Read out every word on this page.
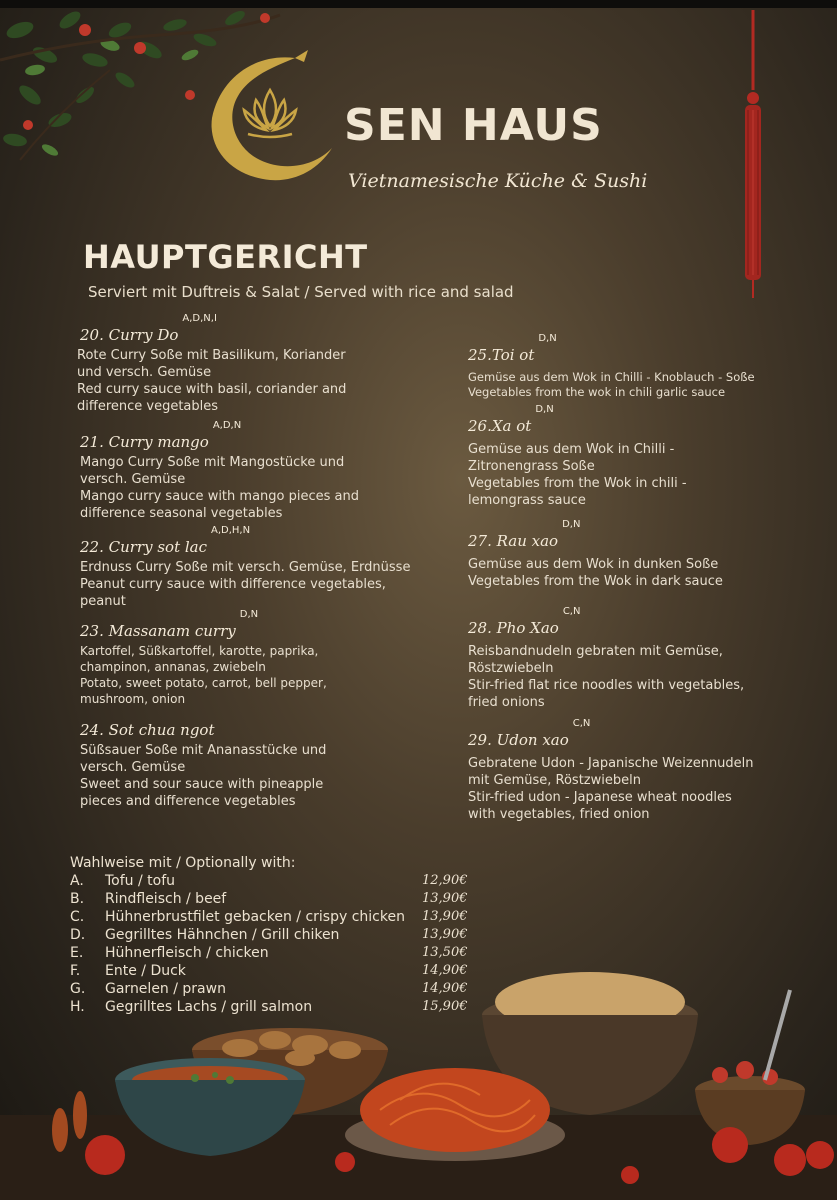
SEN HAUS
Vietnamesische Küche & Sushi
HAUPTGERICHT
Serviert mit Duftreis & Salat / Served with rice and salad
20. Curry $Do^{A,D,N,I}$
Rote Curry Soße mit Basilikum, Koriander
und versch. Gemüse
Red curry sauce with basil, coriander and
difference vegetables
21. Curry mango$^{A,D,N}$
Mango Curry Soße mit Mangostücke und
versch. Gemüse
Mango curry sauce with mango pieces and
difference seasonal vegetables
22. Curry sot lac$^{A,D,H,N}$
Erdnuss Curry Soße mit versch. Gemüse, Erdnüsse
Peanut curry sauce with difference vegetables,
peanut
23. Massanam curry$^{D,N}$
Kartoffel, Süßkartoffel, karotte, paprika,
champinon, annanas, zwiebeln
Potato, sweet potato, carrot, bell pepper,
mushroom, onion
24. Sot chua ngot
Süßsauer Soße mit Ananasstücke und
versch. Gemüse
Sweet and sour sauce with pineapple
pieces and difference vegetables
25.Toi $ot^{D,N}$
Gemüse aus dem Wok in Chilli - Knoblauch - Soße
Vegetables from the wok in chili garlic sauce
26.Xa $ot^{D,N}$
Gemüse aus dem Wok in Chilli -
Zitronengrass Soße
Vegetables from the Wok in chili -
lemongrass sauce
27. Rau xao$^{D,N}$
Gemüse aus dem Wok in dunken Soße
Vegetables from the Wok in dark sauce
28. Pho Xao$^{C,N}$
Reisbandnudeln gebraten mit Gemüse,
Röstzwiebeln
Stir-fried flat rice noodles with vegetables,
fried onions
29. Udon xao$^{C,N}$
Gebratene Udon - Japanische Weizennudeln
mit Gemüse, Röstzwiebeln
Stir-fried udon - Japanese wheat noodles
with vegetables, fried onion
Wahlweise mit / Optionally with:
A. Tofu / tofu	12,90€
B. Rindfleisch / beef	13,90€
C. Hühnerbrustfilet gebacken / crispy chicken 13,90€
D. Gegrilltes Hähnchen / Grill chiken	13,90€
E. Hühnerfleisch / chicken	13,50€
F. Ente / Duck	14,90€
G. Garnelen / prawn	14,90€
H. Gegrilltes Lachs / grill salmon	15,90€
